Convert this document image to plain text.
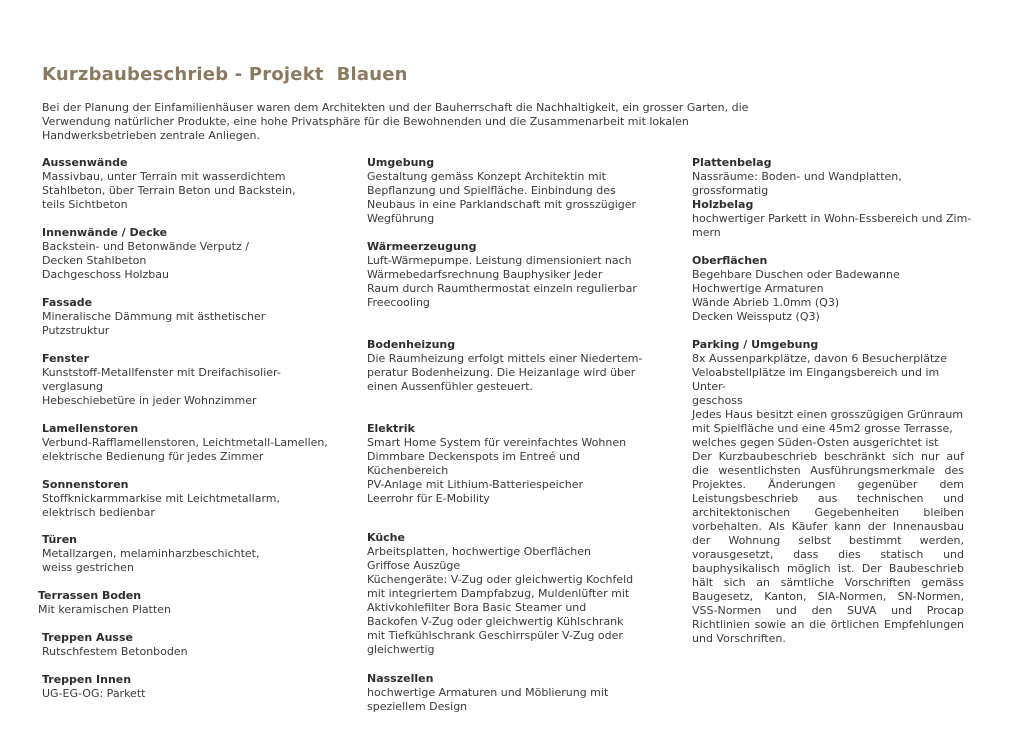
Kurzbaubeschrieb - Projekt  Blauen
Bei der Planung der Einfamilienhäuser waren dem Architekten und der Bauherrschaft die Nachhaltigkeit, ein grosser Garten, die Verwendung natürlicher Produkte, eine hohe Privatsphäre für die Bewohnenden und die Zusammenarbeit mit lokalen Handwerksbetrieben zentrale Anliegen.
Aussenwände
Massivbau, unter Terrain mit wasserdichtem
Stahlbeton, über Terrain Beton und Backstein,
teils Sichtbeton
Innenwände / Decke
Backstein- und Betonwände Verputz /
Decken Stahlbeton
Dachgeschoss Holzbau
Fassade
Mineralische Dämmung mit ästhetischer
Putzstruktur
Fenster
Kunststoff-Metallfenster mit Dreifachisolier-
verglasung
Hebeschiebetüre in jeder Wohnzimmer
Lamellenstoren
Verbund-Rafflamellenstoren, Leichtmetall-Lamellen,
elektrische Bedienung für jedes Zimmer
Sonnenstoren
Stoffknickarmmarkise mit Leichtmetallarm,
elektrisch bedienbar
Türen
Metallzargen, melaminharzbeschichtet,
weiss gestrichen
Terrassen Boden
Mit keramischen Platten
Treppen Ausse
Rutschfestem Betonboden
Treppen Innen
UG-EG-OG: Parkett
Umgebung
Gestaltung gemäss Konzept Architektin mit
Bepflanzung und Spielfläche. Einbindung des
Neubaus in eine Parklandschaft mit grosszügiger
Wegführung
Wärmeerzeugung
Luft-Wärmepumpe. Leistung dimensioniert nach
Wärmebedarfsrechnung Bauphysiker Jeder
Raum durch Raumthermostat einzeln regulierbar
Freecooling
Bodenheizung
Die Raumheizung erfolgt mittels einer Niedertem-
peratur Bodenheizung. Die Heizanlage wird über
einen Aussenfühler gesteuert.
Elektrik
Smart Home System für vereinfachtes Wohnen
Dimmbare Deckenspots im Entreé und
Küchenbereich
PV-Anlage mit Lithium-Batteriespeicher
Leerrohr für E-Mobility
Küche
Arbeitsplatten, hochwertige Oberflächen
Griﬀose Auszüge
Küchengeräte: V-Zug oder gleichwertig Kochfeld
mit integriertem Dampfabzug, Muldenlüfter mit
Aktivkohlefilter Bora Basic Steamer und
Backofen V-Zug oder gleichwertig Kühlschrank
mit Tiefkühlschrank Geschirrspüler V-Zug oder
gleichwertig
Nasszellen
hochwertige Armaturen und Möblierung mit
speziellem Design
Plattenbelag
Nassräume: Boden- und Wandplatten, grossformatig
Holzbelag
hochwertiger Parkett in Wohn-Essbereich und Zim-
mern
Oberflächen
Begehbare Duschen oder Badewanne
Hochwertige Armaturen
Wände Abrieb 1.0mm (Q3)
Decken Weissputz (Q3)
Parking / Umgebung
8x Aussenparkplätze, davon 6 Besucherplätze
Veloabstellplätze im Eingangsbereich und im Unter-
geschoss
Jedes Haus besitzt einen grosszügigen Grünraum
mit Spielfläche und eine 45m2 grosse Terrasse,
welches gegen Süden-Osten ausgerichtet ist
Der Kurzbaubeschrieb beschränkt sich nur auf die wesentlichsten Ausführungsmerkmale des Projektes. Änderungen gegenüber dem Leistungsbeschrieb aus technischen und architektonischen Gegebenheiten bleiben vorbehalten. Als Käufer kann der Innenausbau der Wohnung selbst bestimmt werden, vorausgesetzt, dass dies statisch und bauphysikalisch möglich ist. Der Baubeschrieb hält sich an sämtliche Vorschriften gemäss Baugesetz, Kanton, SIA-Normen, SN-Normen, VSS-Normen und den SUVA und Procap Richtlinien sowie an die örtlichen Empfehlungen und Vorschriften.
